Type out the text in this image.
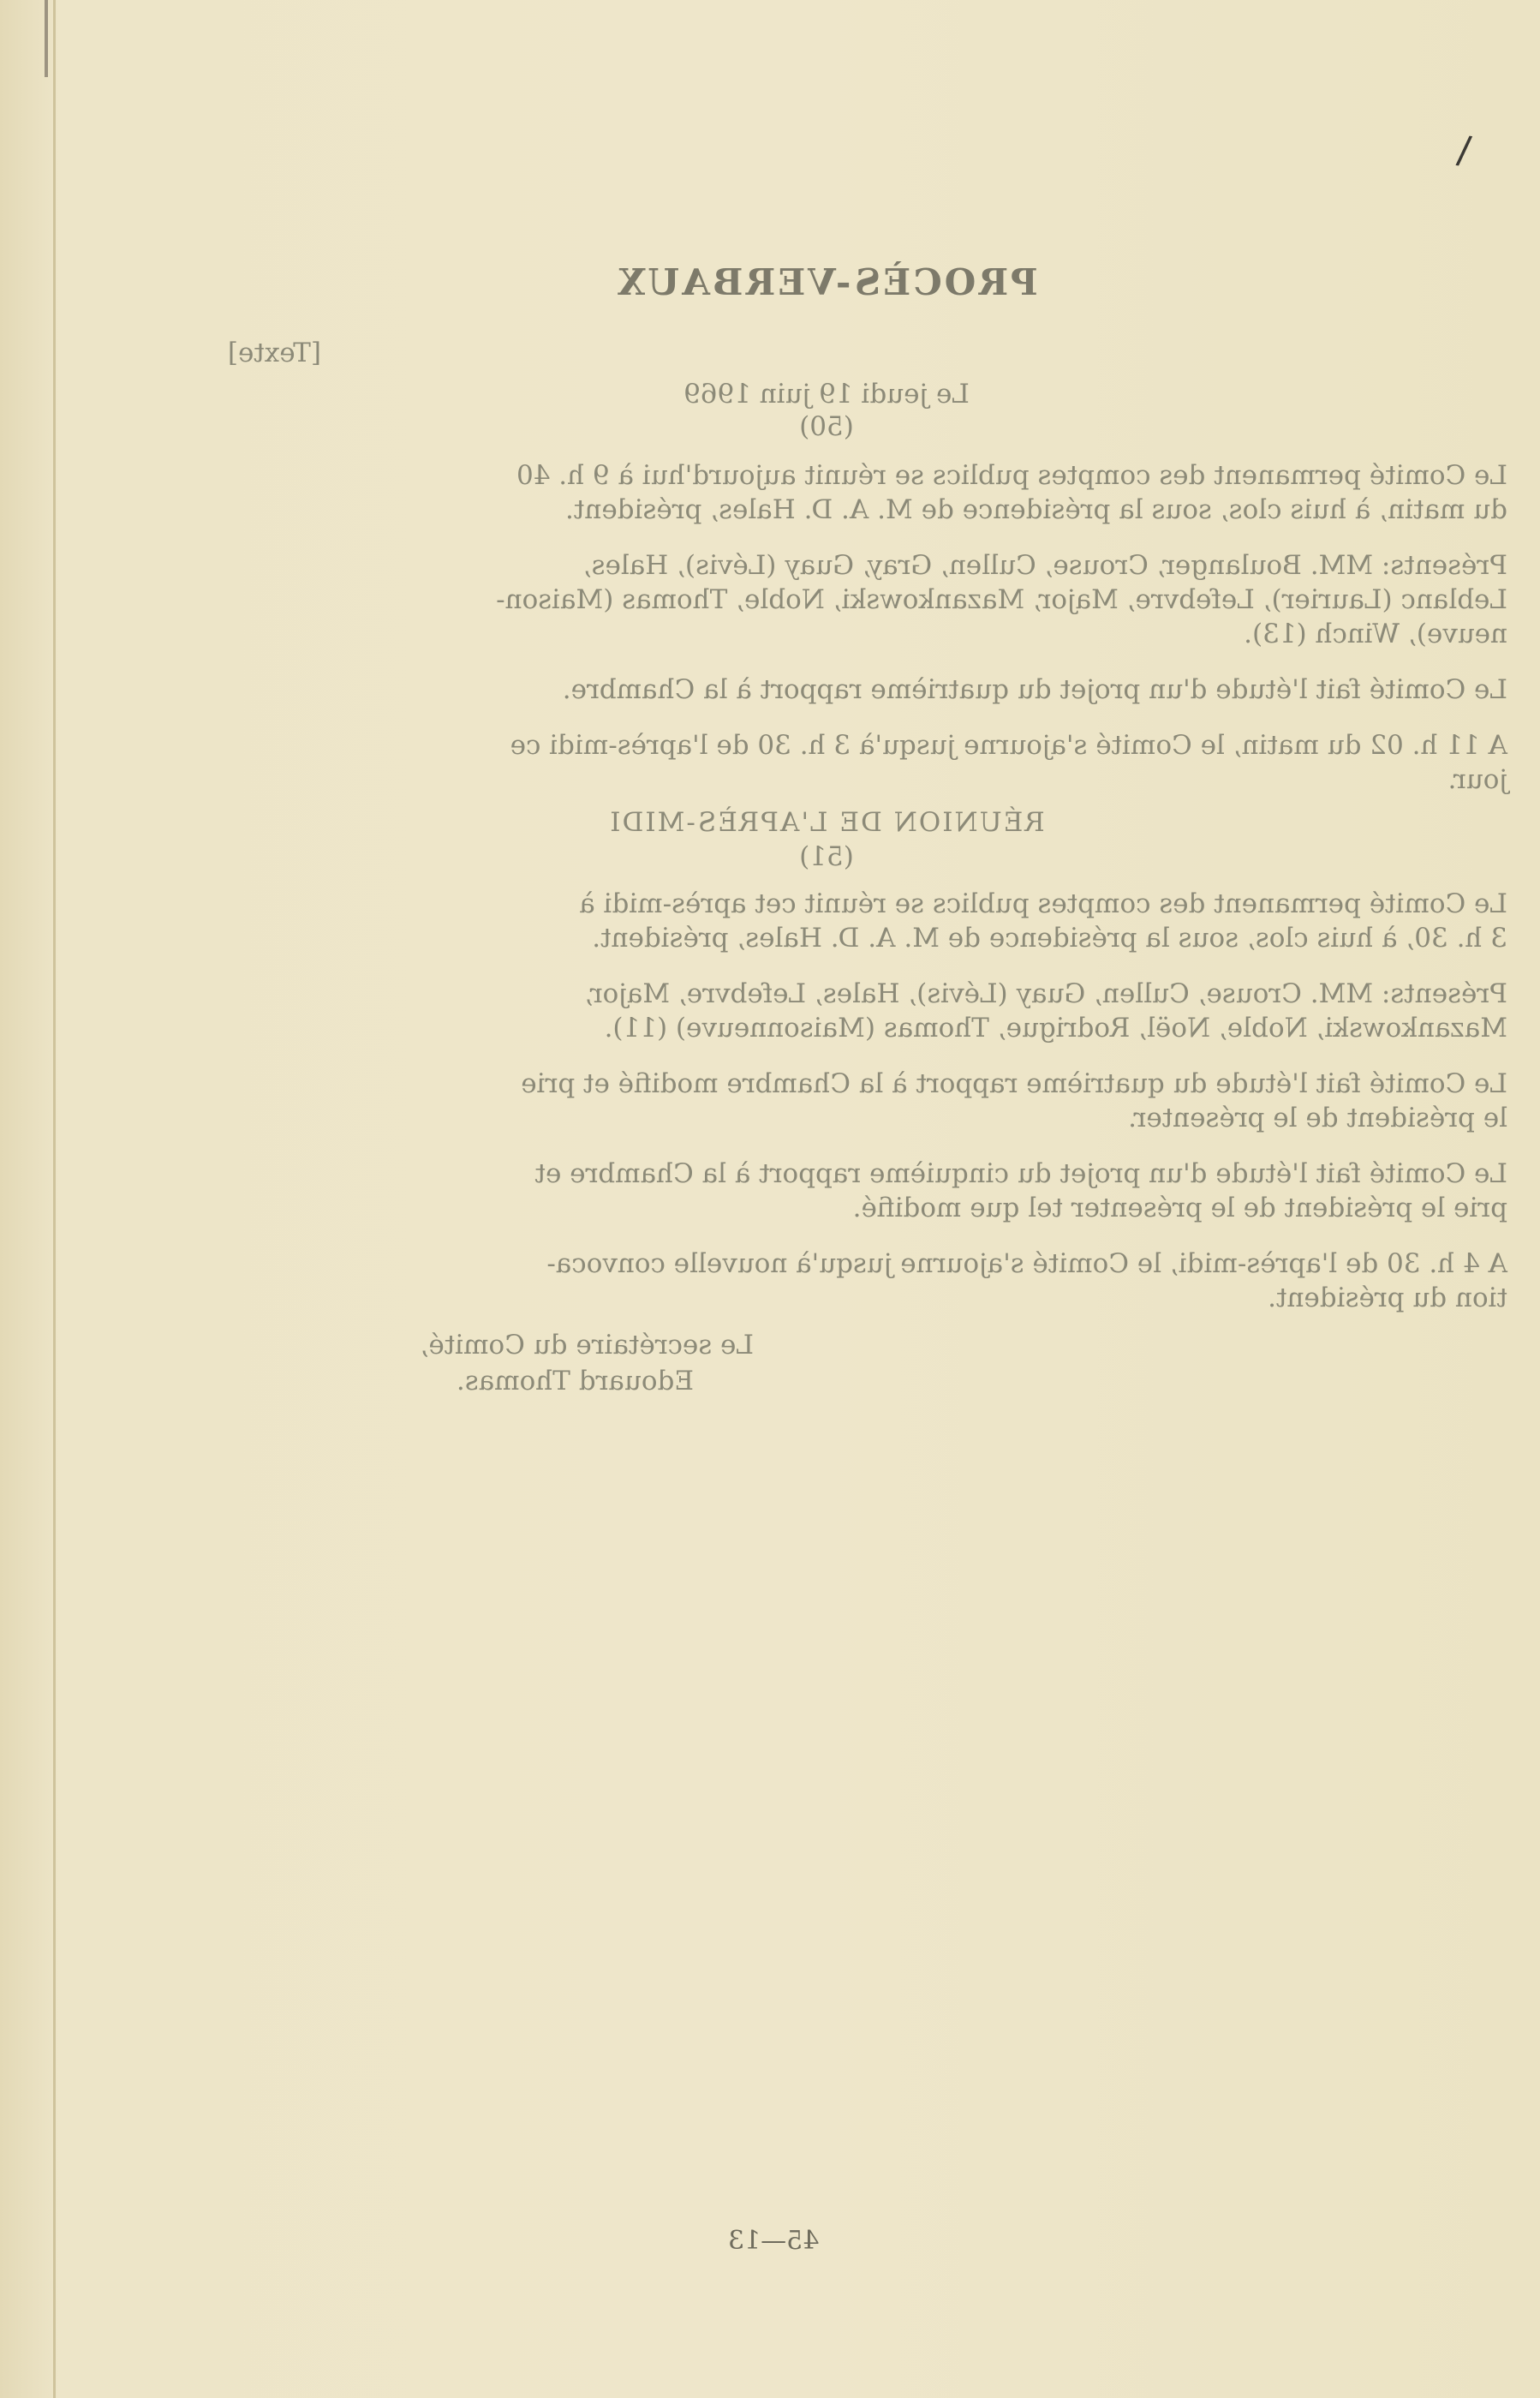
/
[Texte]
PROCÈS-VERBAUX
Le jeudi 19 juin 1969
(50)
Le Comité permanent des comptes publics se réunit aujourd'hui à 9 h. 40
du matin, à huis clos, sous la présidence de M. A. D. Hales, président.
Présents: MM. Boulanger, Crouse, Cullen, Gray, Guay (Lévis), Hales,
Leblanc (Laurier), Lefebvre, Major, Mazankowski, Noble, Thomas (Maison-
neuve), Winch (13).
Le Comité fait l'étude d'un projet du quatrième rapport à la Chambre.
A 11 h. 02 du matin, le Comité s'ajourne jusqu'à 3 h. 30 de l'après-midi ce
jour.
RÉUNION DE L'APRÈS-MIDI
(51)
Le Comité permanent des comptes publics se réunit cet après-midi à
3 h. 30, à huis clos, sous la présidence de M. A. D. Hales, président.
Présents: MM. Crouse, Cullen, Guay (Lévis), Hales, Lefebvre, Major,
Mazankowski, Noble, Noël, Rodrigue, Thomas (Maisonneuve) (11).
Le Comité fait l'étude du quatrième rapport à la Chambre modifié et prie
le président de le présenter.
Le Comité fait l'étude d'un projet du cinquième rapport à la Chambre et
prie le président de le présenter tel que modifié.
A 4 h. 30 de l'après-midi, le Comité s'ajourne jusqu'à nouvelle convoca-
tion du président.
Le secrétaire du Comité,
Edouard Thomas.
45—13
